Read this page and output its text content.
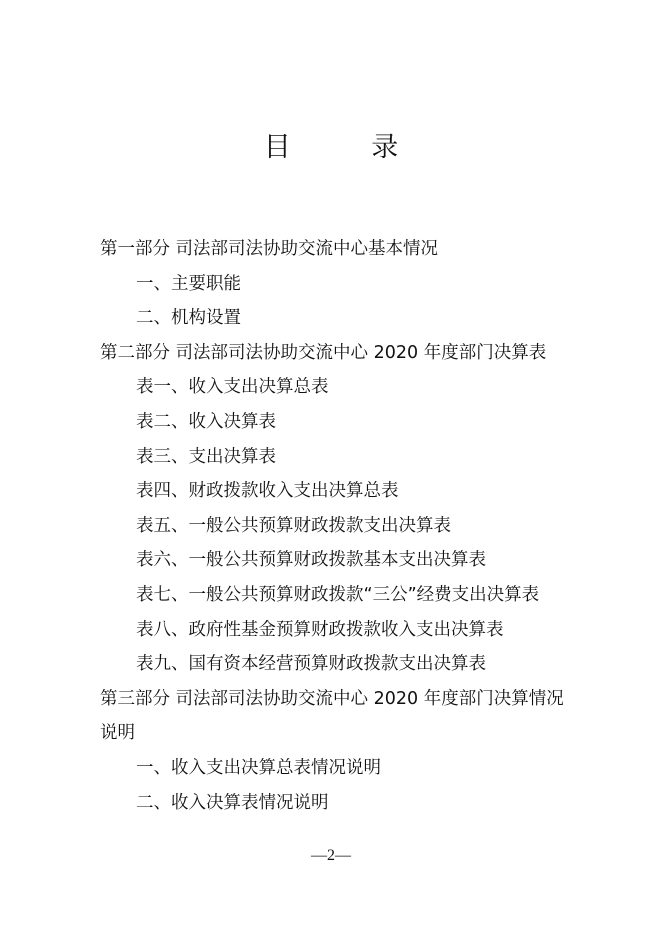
目 录
第一部分 司法部司法协助交流中心基本情况
一、主要职能
二、机构设置
第二部分 司法部司法协助交流中心 2020 年度部门决算表
表一、收入支出决算总表
表二、收入决算表
表三、支出决算表
表四、财政拨款收入支出决算总表
表五、一般公共预算财政拨款支出决算表
表六、一般公共预算财政拨款基本支出决算表
表七、一般公共预算财政拨款“三公”经费支出决算表
表八、政府性基金预算财政拨款收入支出决算表
表九、国有资本经营预算财政拨款支出决算表
第三部分 司法部司法协助交流中心 2020 年度部门决算情况
说明
一、收入支出决算总表情况说明
二、收入决算表情况说明
—2—
